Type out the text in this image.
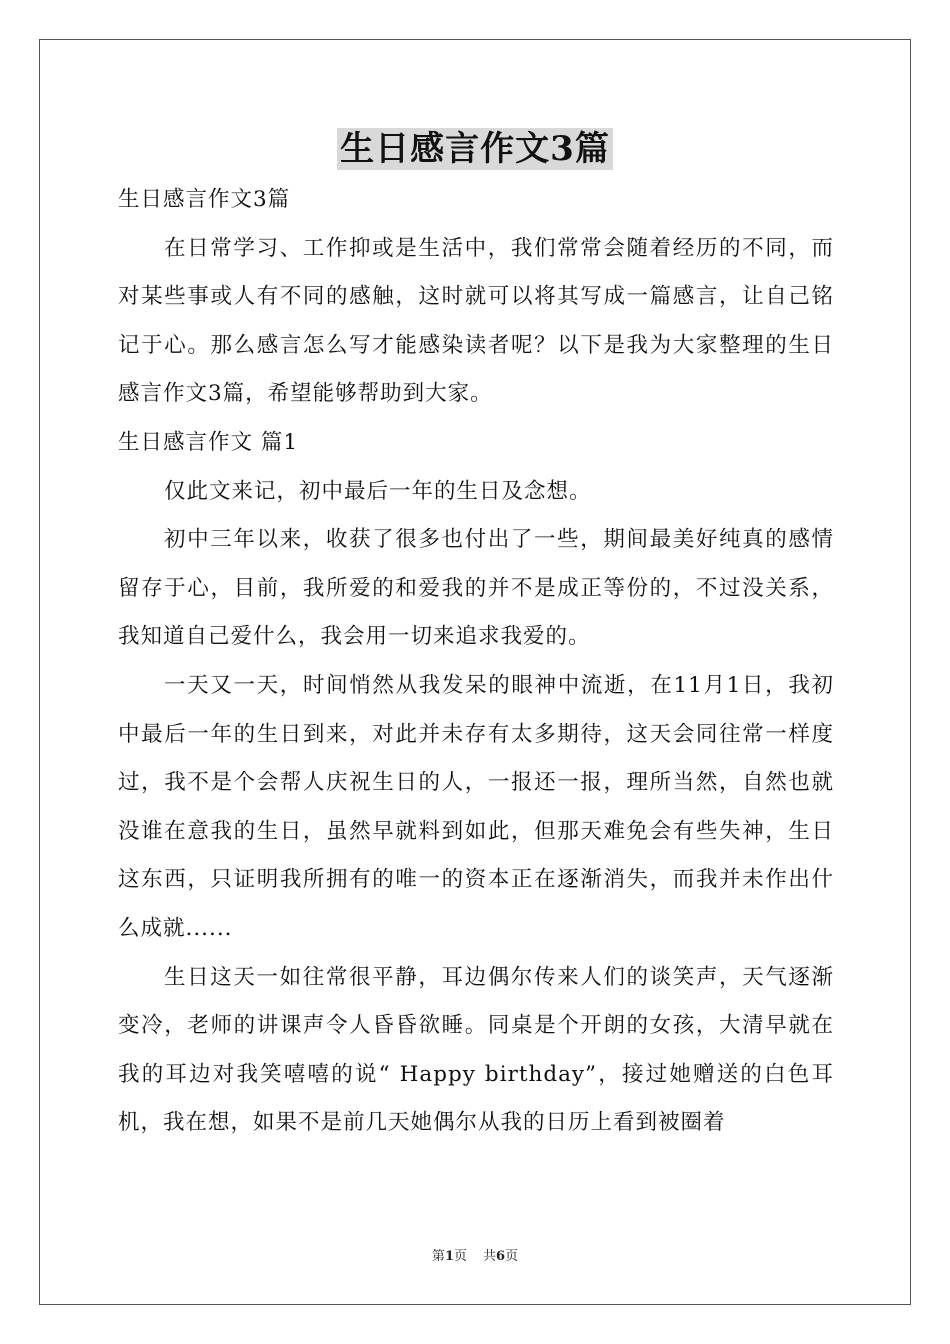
生日感言作文3篇

生日感言作文3篇

在日常学习、工作抑或是生活中，我们常常会随着经历的不同，而对某些事或人有不同的感触，这时就可以将其写成一篇感言，让自己铭记于心。那么感言怎么写才能感染读者呢？以下是我为大家整理的生日感言作文3篇，希望能够帮助到大家。

生日感言作文 篇1

仅此文来记，初中最后一年的生日及念想。

初中三年以来，收获了很多也付出了一些，期间最美好纯真的感情留存于心，目前，我所爱的和爱我的并不是成正等份的，不过没关系，我知道自己爱什么，我会用一切来追求我爱的。

一天又一天，时间悄然从我发呆的眼神中流逝，在11月1日，我初中最后一年的生日到来，对此并未存有太多期待，这天会同往常一样度过，我不是个会帮人庆祝生日的人，一报还一报，理所当然，自然也就没谁在意我的生日，虽然早就料到如此，但那天难免会有些失神，生日这东西，只证明我所拥有的唯一的资本正在逐渐消失，而我并未作出什么成就......

生日这天一如往常很平静，耳边偶尔传来人们的谈笑声，天气逐渐变冷，老师的讲课声令人昏昏欲睡。同桌是个开朗的女孩，大清早就在我的耳边对我笑嘻嘻的说“ Happy birthday”，接过她赠送的白色耳机，我在想，如果不是前几天她偶尔从我的日历上看到被圈着

第1页 共6页
